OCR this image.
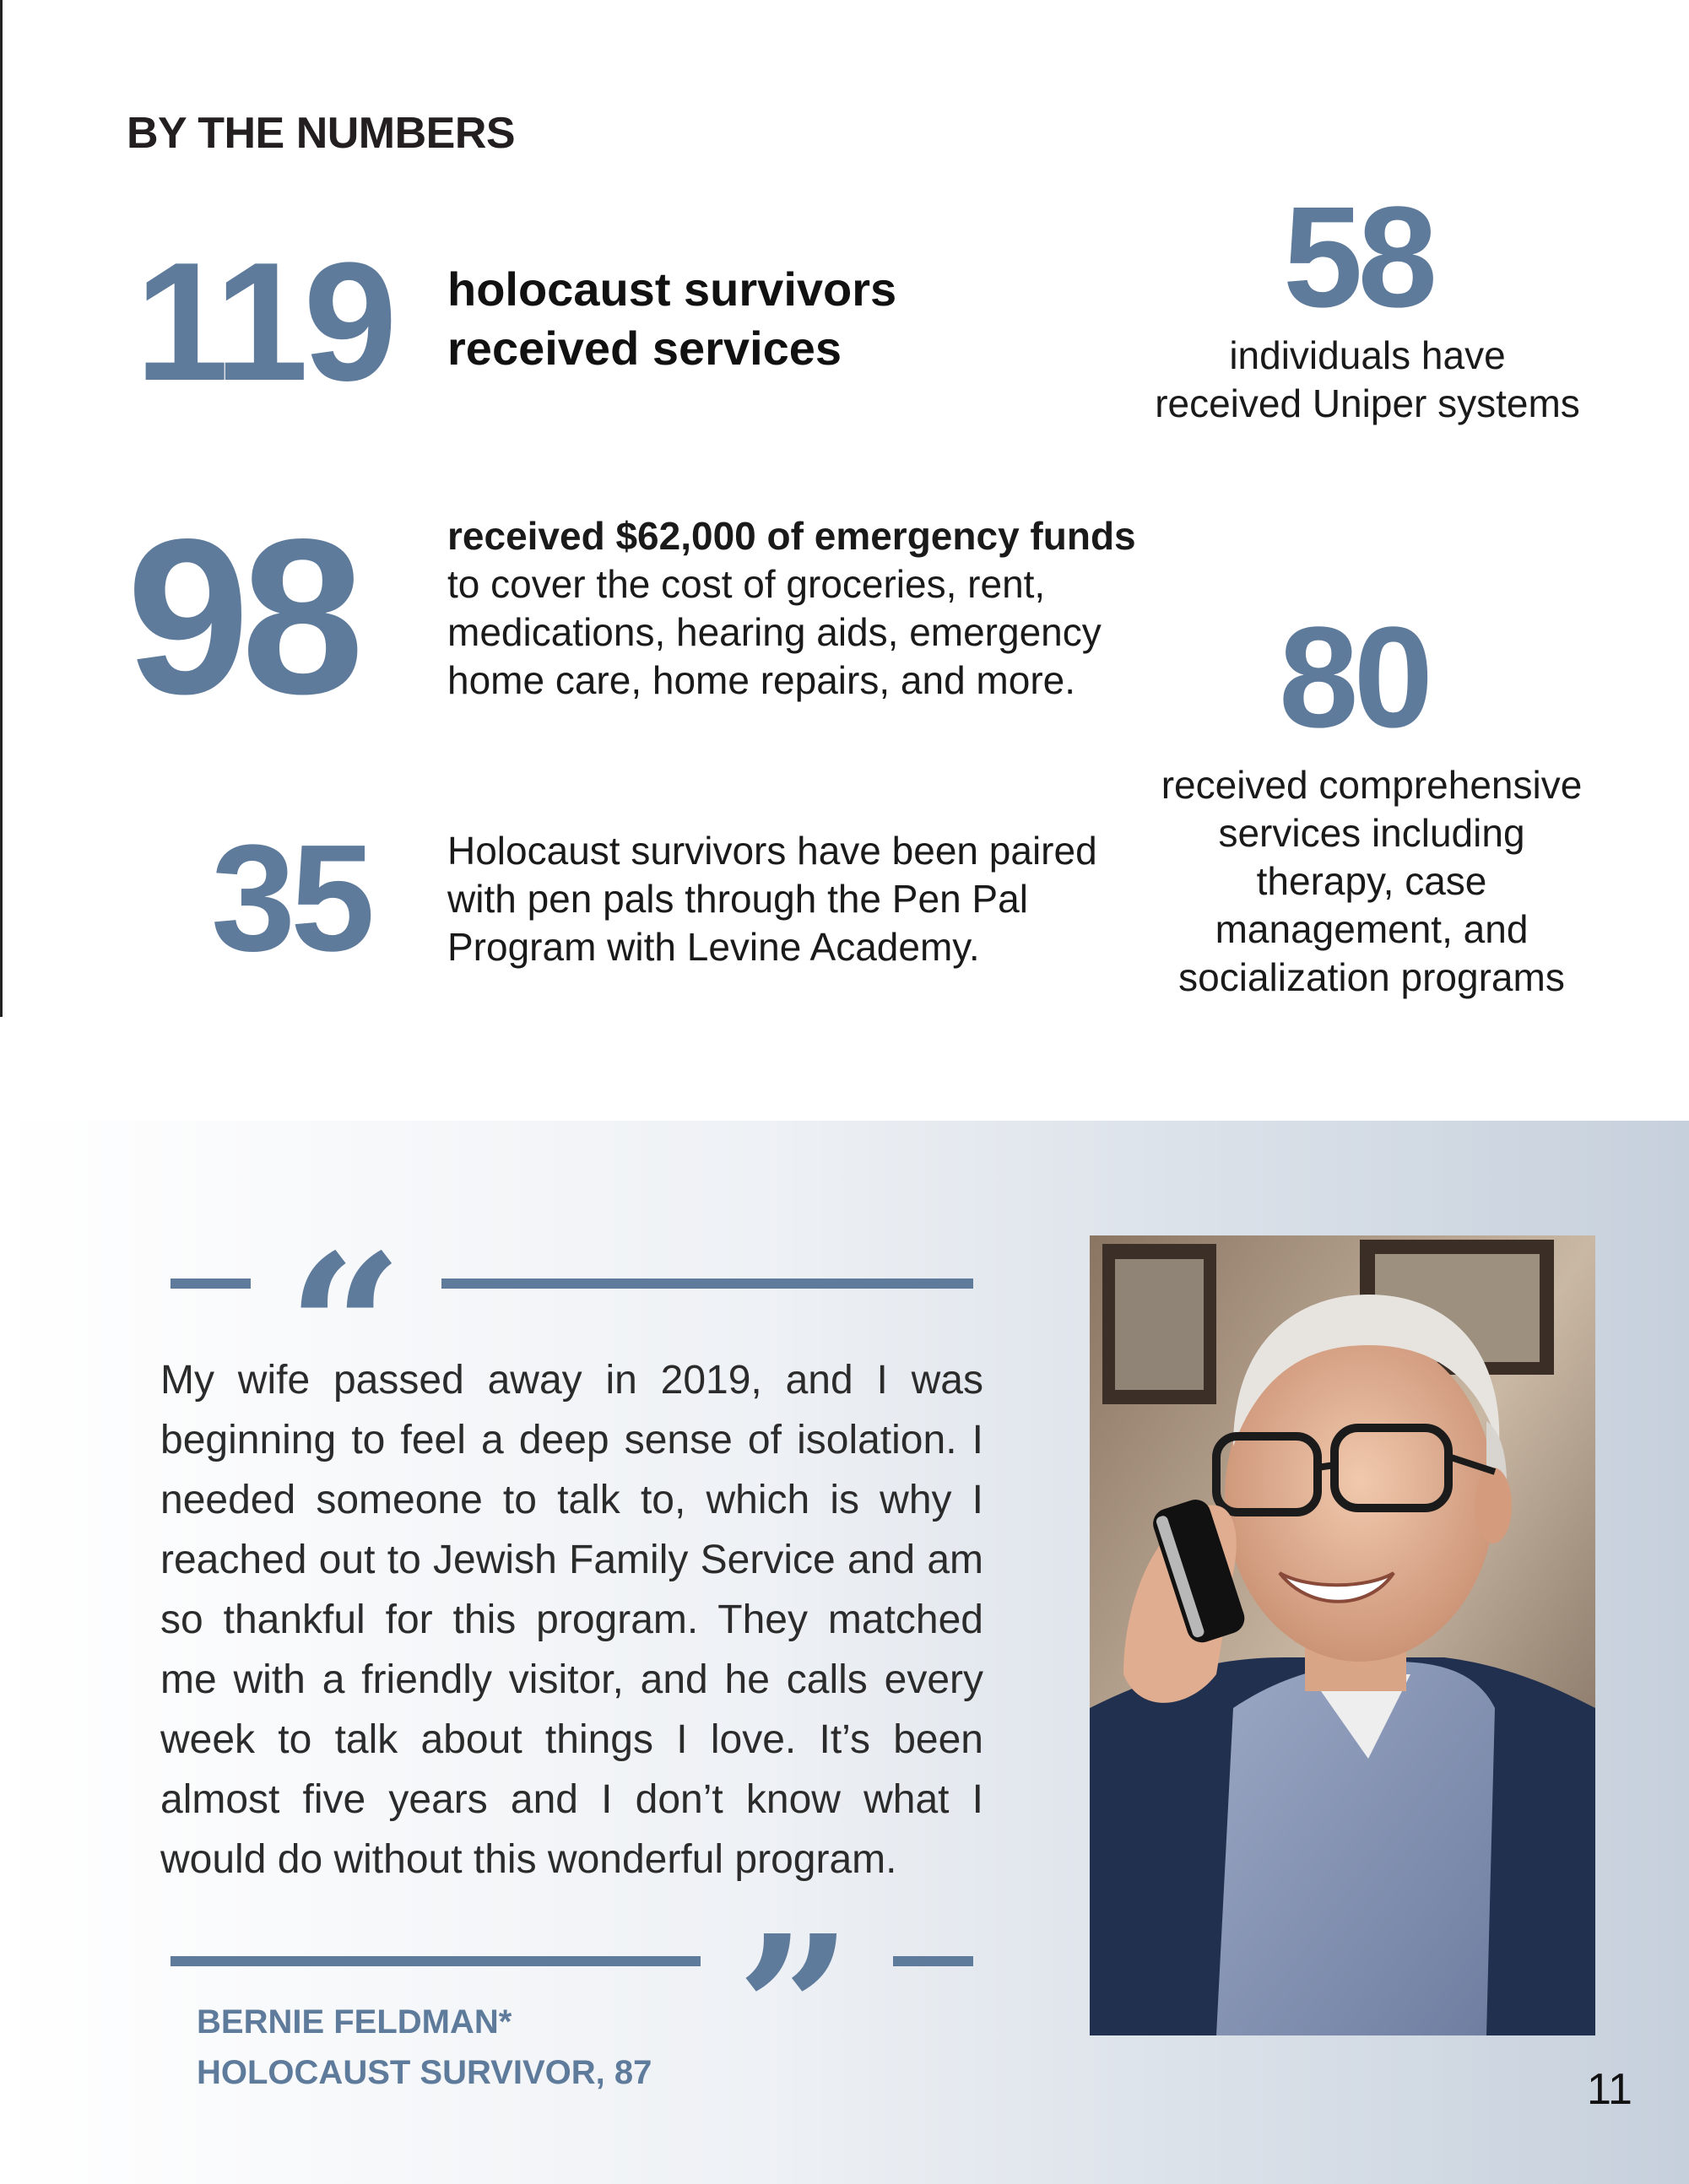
BY THE NUMBERS
119 holocaust survivors
received services
98 received $62,000 of emergency funds
to cover the cost of groceries, rent,
medications, hearing aids, emergency
home care, home repairs, and more.
35 Holocaust survivors have been paired
with pen pals through the Pen Pal
Program with Levine Academy.
58
individuals have
received Uniper systems
80
received comprehensive
services including
therapy, case
management, and
socialization programs
“
My wife passed away in 2019, and I was beginning to feel a deep sense of isolation. I needed someone to talk to, which is why I reached out to Jewish Family Service and am so thankful for this program. They matched me with a friendly visitor, and he calls every week to talk about things I love. It’s been almost five years and I don’t know what I would do without this wonderful program.
”
BERNIE FELDMAN*
HOLOCAUST SURVIVOR, 87	11
